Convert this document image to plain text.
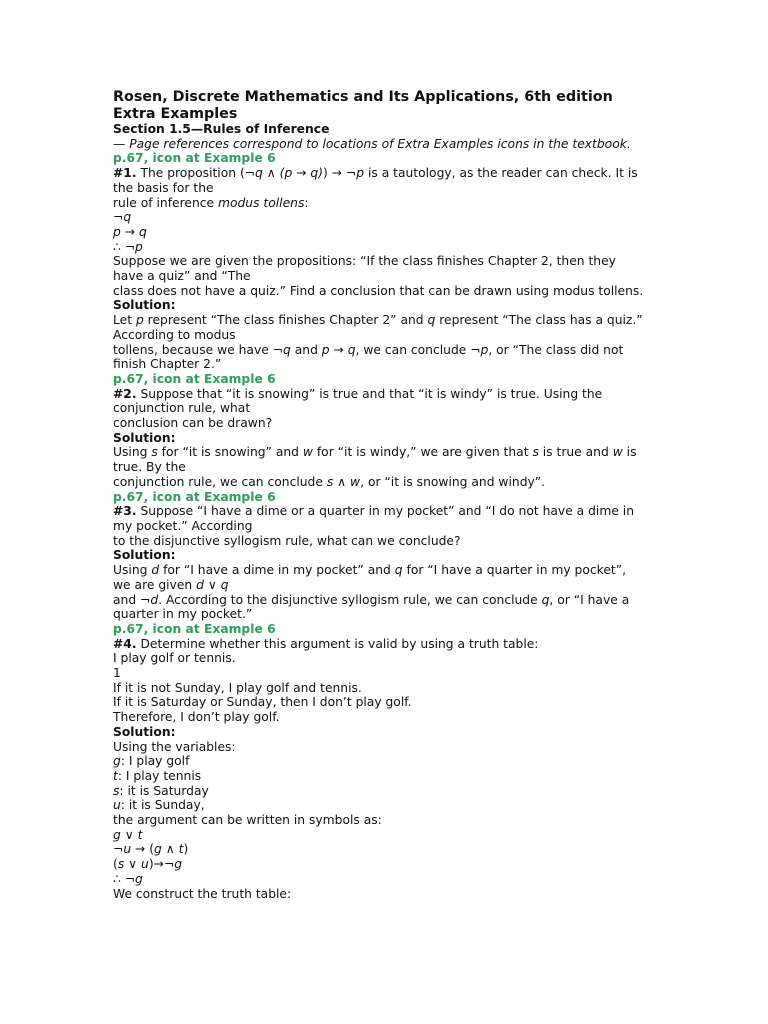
Rosen, Discrete Mathematics and Its Applications, 6th edition
Extra Examples
Section 1.5—Rules of Inference
— Page references correspond to locations of Extra Examples icons in the textbook.
p.67, icon at Example 6
#1. The proposition (¬q ∧ (p → q)) → ¬p is a tautology, as the reader can check. It is
the basis for the
rule of inference modus tollens:
¬q
p → q
∴ ¬p
Suppose we are given the propositions: “If the class finishes Chapter 2, then they
have a quiz” and “The
class does not have a quiz.” Find a conclusion that can be drawn using modus tollens.
Solution:
Let p represent “The class finishes Chapter 2” and q represent “The class has a quiz.”
According to modus
tollens, because we have ¬q and p → q, we can conclude ¬p, or “The class did not
finish Chapter 2.”
p.67, icon at Example 6
#2. Suppose that “it is snowing” is true and that “it is windy” is true. Using the
conjunction rule, what
conclusion can be drawn?
Solution:
Using s for “it is snowing” and w for “it is windy,” we are given that s is true and w is
true. By the
conjunction rule, we can conclude s ∧ w, or “it is snowing and windy”.
p.67, icon at Example 6
#3. Suppose “I have a dime or a quarter in my pocket” and “I do not have a dime in
my pocket.” According
to the disjunctive syllogism rule, what can we conclude?
Solution:
Using d for “I have a dime in my pocket” and q for “I have a quarter in my pocket”,
we are given d ∨ q
and ¬d. According to the disjunctive syllogism rule, we can conclude q, or “I have a
quarter in my pocket.”
p.67, icon at Example 6
#4. Determine whether this argument is valid by using a truth table:
I play golf or tennis.
1
If it is not Sunday, I play golf and tennis.
If it is Saturday or Sunday, then I don’t play golf.
Therefore, I don’t play golf.
Solution:
Using the variables:
g: I play golf
t: I play tennis
s: it is Saturday
u: it is Sunday,
the argument can be written in symbols as:
g ∨ t
¬u → (g ∧ t)
(s ∨ u)→¬g
∴ ¬g
We construct the truth table:
